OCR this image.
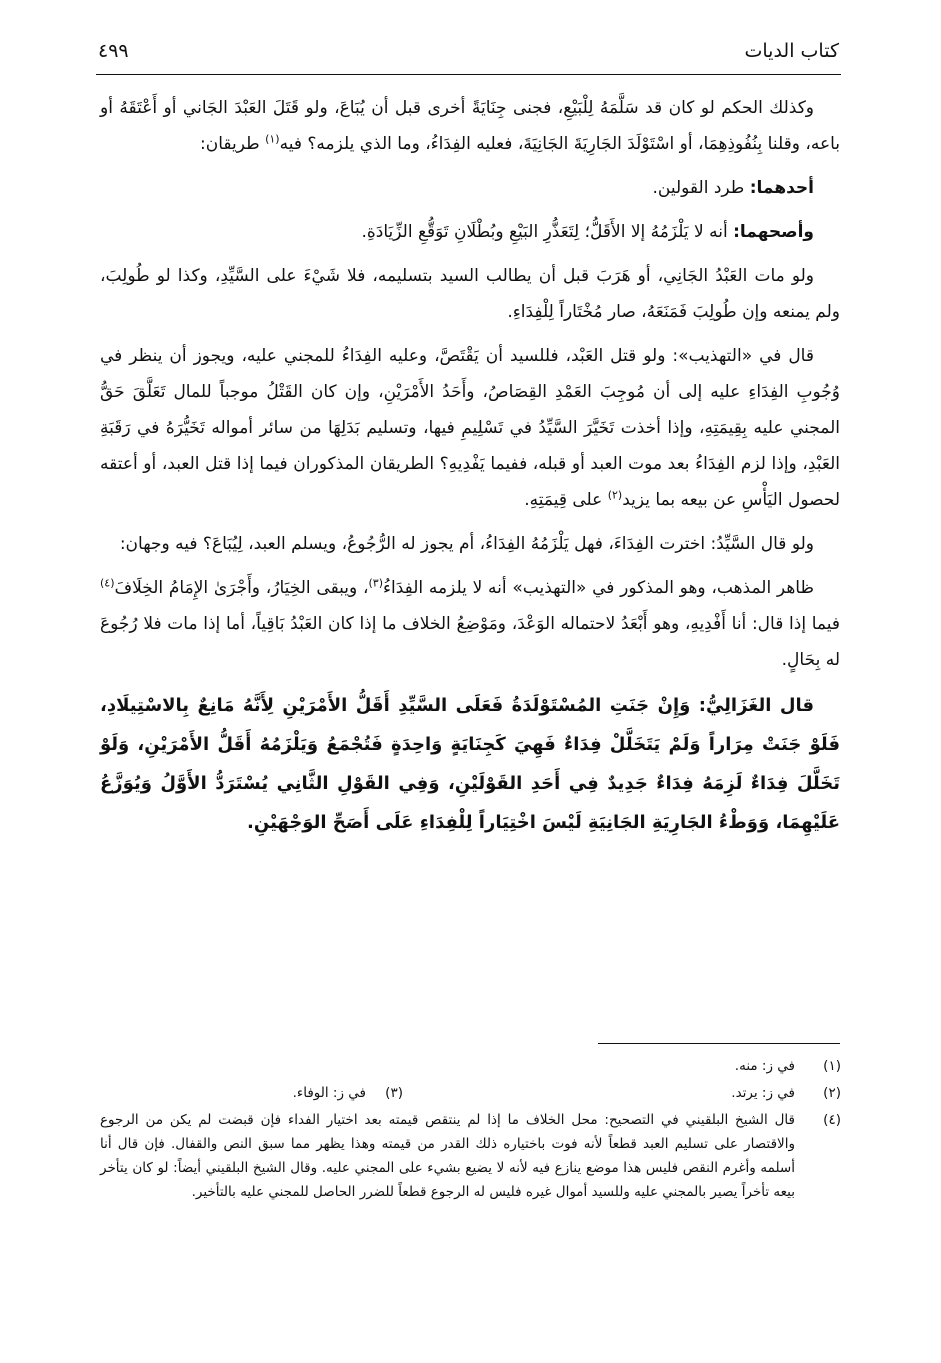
كتاب الديات
٤٩٩

وكذلك الحكم لو كان قد سَلَّمَهُ لِلْبَيْعِ، فجنى جِنَايَةً أخرى قبل أن يُبَاعَ، ولو قَتَلَ العَبْدَ الجَاني أو أَعْتَقَهُ أو باعه، وقلنا بِنُفُوذِهِمَا، أو اسْتَوْلَدَ الجَارِيَةَ الجَانِيَةَ، فعليه الفِدَاءُ، وما الذي يلزمه؟ فيه$^{(١)}$ طريقان:

أحدهما: طرد القولين.

وأصحهما: أنه لا يَلْزَمُهُ إلا الأَقَلُّ؛ لِتَعَذُّرِ البَيْعِ وبُطْلَانِ تَوَقُّعِ الزِّيَادَةِ.

ولو مات العَبْدُ الجَانِي، أو هَرَبَ قبل أن يطالب السيد بتسليمه، فلا شَيْءَ على السَّيِّدِ، وكذا لو طُولِبَ، ولم يمنعه وإن طُولِبَ فَمَنَعَهُ، صار مُخْتَاراً لِلْفِدَاءِ.

قال في «التهذيب»: ولو قتل العَبْد، فللسيد أن يَقْتَصَّ، وعليه الفِدَاءُ للمجني عليه، ويجوز أن ينظر في وُجُوبِ الفِدَاءِ عليه إلى أن مُوجِبَ العَمْدِ القِصَاصُ، وأَحَدُ الأَمْرَيْنِ، وإن كان القَتْلُ موجباً للمال تَعَلَّقَ حَقُّ المجني عليه بِقِيمَتِهِ، وإذا أخذت تَخَيَّرَ السَّيِّدُ في تَسْلِيمِ فيها، وتسليم بَدَلِهَا من سائر أمواله تَخَيُّرَهُ في رَقَبَةِ العَبْدِ، وإذا لزم الفِدَاءُ بعد موت العبد أو قبله، ففيما يَفْدِيهِ؟ الطريقان المذكوران فيما إذا قتل العبد، أو أعتقه لحصول اليَأْسِ عن بيعه بما يزيد$^{(٢)}$ على قِيمَتِهِ.

ولو قال السَّيِّدُ: اخترت الفِدَاءَ، فهل يَلْزَمُهُ الفِدَاءُ، أم يجوز له الرُّجُوعُ، ويسلم العبد، لِيُبَاعَ؟ فيه وجهان:

ظاهر المذهب، وهو المذكور في «التهذيب» أنه لا يلزمه الفِدَاءُ$^{(٣)}$، ويبقى الخِيَارُ، وأَجْرَىٰ الإِمَامُ الخِلَافَ$^{(٤)}$ فيما إذا قال: أنا أَفْدِيهِ، وهو أَبْعَدُ لاحتماله الوَعْدَ، ومَوْضِعُ الخلاف ما إذا كان العَبْدُ بَاقِياً، أما إذا مات فلا رُجُوعَ له بِحَالٍ.

قال الغَزَالِيُّ: وَإِنْ جَنَتِ المُسْتَوْلَدَةُ فَعَلَى السَّيِّدِ أَقَلُّ الأَمْرَيْنِ لِأَنَّهُ مَانِعٌ بِالاسْتِيلَادِ، فَلَوْ جَنَتْ مِرَاراً وَلَمْ يَتَخَلَّلْ فِدَاءٌ فَهِيَ كَجِنَايَةٍ وَاحِدَةٍ فَتُجْمَعُ وَيَلْزَمُهُ أَقَلُّ الأَمْرَيْنِ، وَلَوْ تَخَلَّلَ فِدَاءٌ لَزِمَهُ فِدَاءٌ جَدِيدٌ فِي أَحَدِ القَوْلَيْنِ، وَفِي القَوْلِ الثَّانِي يُسْتَرَدُّ الأَوَّلُ وَيُوَزَّعُ عَلَيْهِمَا، وَوَطْءُ الجَارِيَةِ الجَانِيَةِ لَيْسَ اخْتِيَاراً لِلْفِدَاءِ عَلَى أَصَحِّ الوَجْهَيْنِ.

(١)
في ز: منه.
(٢)
في ز: يرتد.
(٣)
في ز: الوفاء.
(٤)
قال الشيخ البلقيني في التصحيح: محل الخلاف ما إذا لم ينتقص قيمته بعد اختيار الفداء فإن قبضت لم يكن من الرجوع والاقتصار على تسليم العبد قطعاً لأنه فوت باختياره ذلك القدر من قيمته وهذا يظهر مما سبق النص والقفال. فإن قال أنا أسلمه وأغرم النقص فليس هذا موضع ينازع فيه لأنه لا يضيع بشيء على المجني عليه. وقال الشيخ البلقيني أيضاً: لو كان يتأخر بيعه تأخراً يصير بالمجني عليه وللسيد أموال غيره فليس له الرجوع قطعاً للضرر الحاصل للمجني عليه بالتأخير.
